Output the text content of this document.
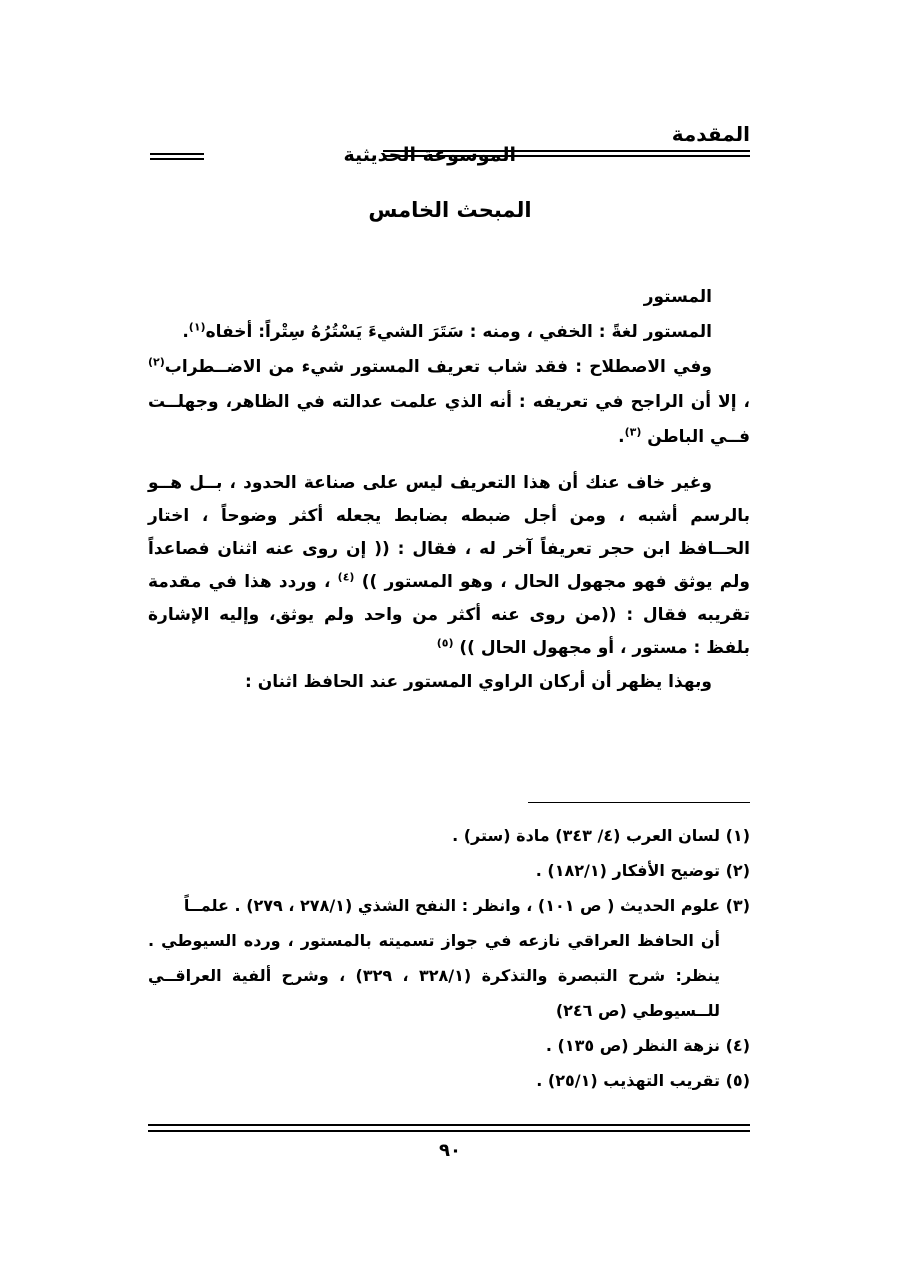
المقدمة
الموسوعة الحديثية
المبحث الخامس

المستور

المستور لغةً : الخفي ، ومنه : سَتَرَ الشيءَ يَسْتُرُهُ سِتْراً: أخفاه$^{(١)}$.

وفي الاصطلاح : فقد شاب تعريف المستور شيء من الاضــطراب$^{(٢)}$ ، إلا أن الراجح في تعريفه : أنه الذي علمت عدالته في الظاهر، وجهلــت فــي الباطن $^{(٣)}$.

وغير خاف عنك أن هذا التعريف ليس على صناعة الحدود ، بــل هــو بالرسم أشبه ، ومن أجل ضبطه بضابط يجعله أكثر وضوحاً ، اختار الحــافظ ابن حجر تعريفاً آخر له ، فقال : (( إن روى عنه اثنان فصاعداً ولم يوثق فهو مجهول الحال ، وهو المستور )) $^{(٤)}$ ، وردد هذا في مقدمة تقريبه فقال : ((من روى عنه أكثر من واحد ولم يوثق، وإليه الإشارة بلفظ : مستور ، أو مجهول الحال )) $^{(٥)}$

وبهذا يظهر أن أركان الراوي المستور عند الحافظ اثنان :

(١) لسان العرب (٤/ ٣٤٣) مادة (ستر) .

(٢) توضيح الأفكار (١٨٢/١) .

(٣) علوم الحديث ( ص ١٠١) ، وانظر : النفح الشذي (٢٧٨/١ ، ٢٧٩) . علمــاً

أن الحافظ العراقي نازعه في جواز تسميته بالمستور ، ورده السيوطي . ينظر: شرح التبصرة والتذكرة (٣٢٨/١ ، ٣٢٩) ، وشرح ألفية العراقــي للــسيوطي (ص ٢٤٦)

(٤) نزهة النظر (ص ١٣٥) .

(٥) تقريب التهذيب (٢٥/١) .

٩٠
